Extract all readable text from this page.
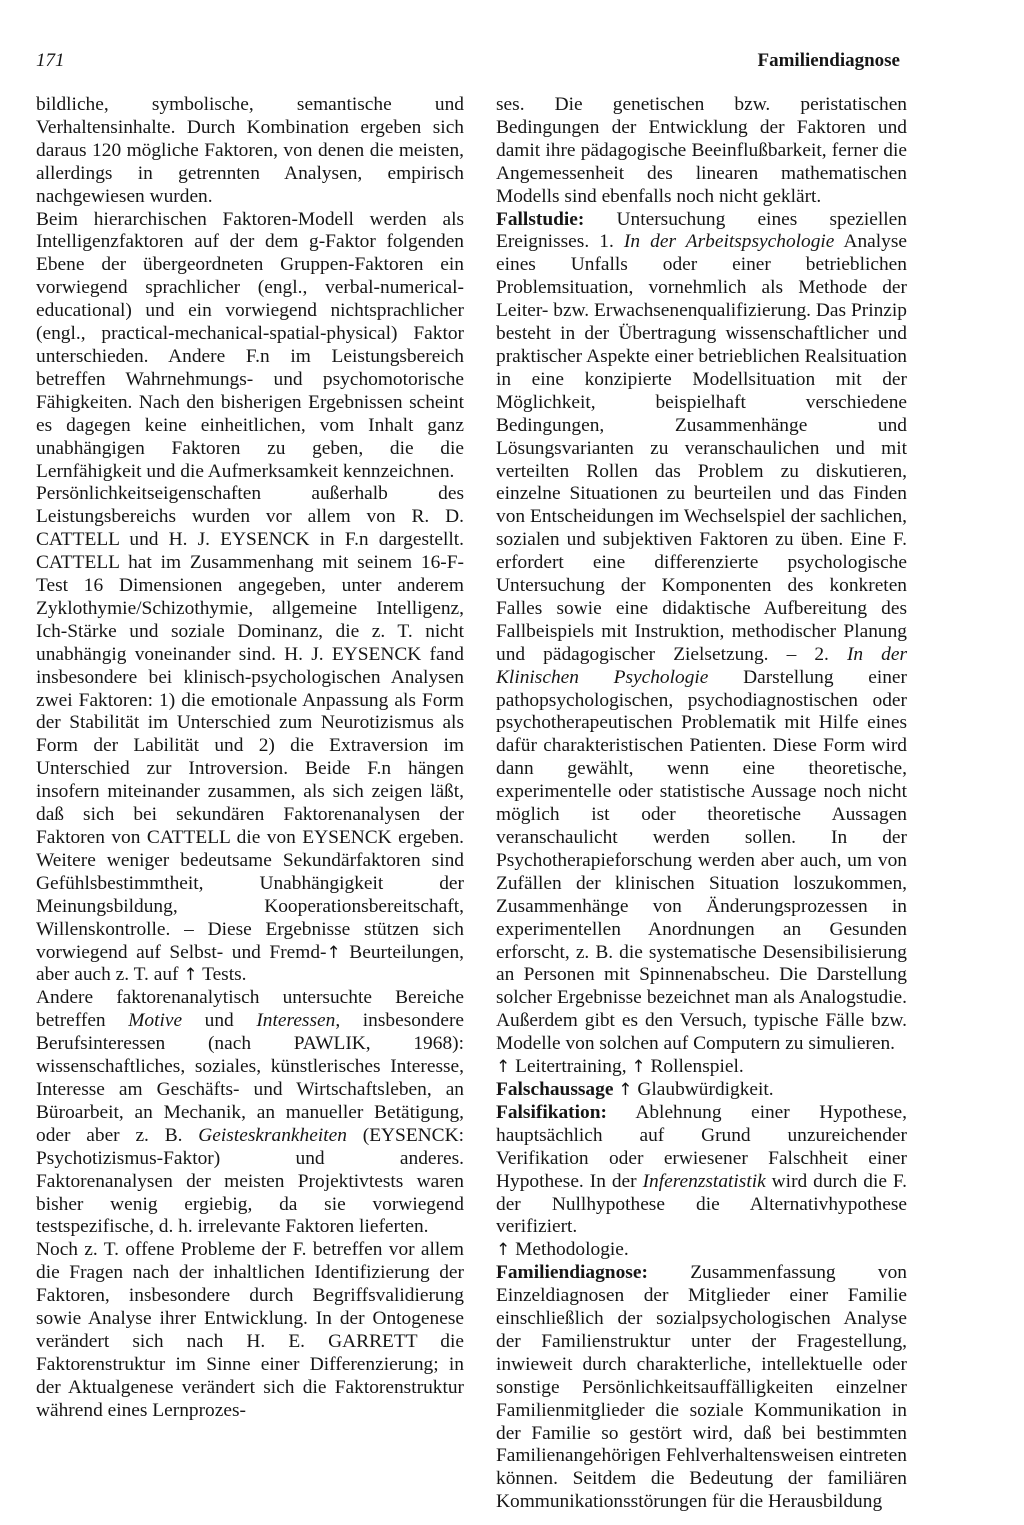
171	Familiendiagnose

bildliche, symbolische, semantische und Verhaltensinhalte. Durch Kombination ergeben sich daraus 120 mögliche Faktoren, von denen die meisten, allerdings in getrennten Analysen, empirisch nachgewiesen wurden.

Beim hierarchischen Faktoren-Modell werden als Intelligenzfaktoren auf der dem g-Faktor folgenden Ebene der übergeordneten Gruppen-Faktoren ein vorwiegend sprachlicher (engl., verbal-numerical-educational) und ein vorwiegend nichtsprachlicher (engl., practical-mechanical-spatial-physical) Faktor unterschieden. Andere F.n im Leistungsbereich betreffen Wahrnehmungs- und psychomotorische Fähigkeiten. Nach den bisherigen Ergebnissen scheint es dagegen keine einheitlichen, vom Inhalt ganz unabhängigen Faktoren zu geben, die die Lernfähigkeit und die Aufmerksamkeit kennzeichnen.

Persönlichkeitseigenschaften außerhalb des Leistungsbereichs wurden vor allem von R. D. CATTELL und H. J. EYSENCK in F.n dargestellt. CATTELL hat im Zusammenhang mit seinem 16-F-Test 16 Dimensionen angegeben, unter anderem Zyklothymie/Schizothymie, allgemeine Intelligenz, Ich-Stärke und soziale Dominanz, die z. T. nicht unabhängig voneinander sind. H. J. EYSENCK fand insbesondere bei klinisch-psychologischen Analysen zwei Faktoren: 1) die emotionale Anpassung als Form der Stabilität im Unterschied zum Neurotizismus als Form der Labilität und 2) die Extraversion im Unterschied zur Introversion. Beide F.n hängen insofern miteinander zusammen, als sich zeigen läßt, daß sich bei sekundären Faktorenanalysen der Faktoren von CATTELL die von EYSENCK ergeben. Weitere weniger bedeutsame Sekundärfaktoren sind Gefühlsbestimmtheit, Unabhängigkeit der Meinungsbildung, Kooperationsbereitschaft, Willenskontrolle. – Diese Ergebnisse stützen sich vorwiegend auf Selbst- und Fremd-↑ Beurteilungen, aber auch z. T. auf ↑ Tests.

Andere faktorenanalytisch untersuchte Bereiche betreffen Motive und Interessen, insbesondere Berufsinteressen (nach PAWLIK, 1968): wissenschaftliches, soziales, künstlerisches Interesse, Interesse am Geschäfts- und Wirtschaftsleben, an Büroarbeit, an Mechanik, an manueller Betätigung, oder aber z. B. Geisteskrankheiten (EYSENCK: Psychotizismus-Faktor) und anderes. Faktorenanalysen der meisten Projektivtests waren bisher wenig ergiebig, da sie vorwiegend testspezifische, d. h. irrelevante Faktoren lieferten.

Noch z. T. offene Probleme der F. betreffen vor allem die Fragen nach der inhaltlichen Identifizierung der Faktoren, insbesondere durch Begriffsvalidierung sowie Analyse ihrer Entwicklung. In der Ontogenese verändert sich nach H. E. GARRETT die Faktorenstruktur im Sinne einer Differenzierung; in der Aktualgenese verändert sich die Faktorenstruktur während eines Lernprozes-

ses. Die genetischen bzw. peristatischen Bedingungen der Entwicklung der Faktoren und damit ihre pädagogische Beeinflußbarkeit, ferner die Angemessenheit des linearen mathematischen Modells sind ebenfalls noch nicht geklärt.

Fallstudie: Untersuchung eines speziellen Ereignisses. 1. In der Arbeitspsychologie Analyse eines Unfalls oder einer betrieblichen Problemsituation, vornehmlich als Methode der Leiter- bzw. Erwachsenenqualifizierung. Das Prinzip besteht in der Übertragung wissenschaftlicher und praktischer Aspekte einer betrieblichen Realsituation in eine konzipierte Modellsituation mit der Möglichkeit, beispielhaft verschiedene Bedingungen, Zusammenhänge und Lösungsvarianten zu veranschaulichen und mit verteilten Rollen das Problem zu diskutieren, einzelne Situationen zu beurteilen und das Finden von Entscheidungen im Wechselspiel der sachlichen, sozialen und subjektiven Faktoren zu üben. Eine F. erfordert eine differenzierte psychologische Untersuchung der Komponenten des konkreten Falles sowie eine didaktische Aufbereitung des Fallbeispiels mit Instruktion, methodischer Planung und pädagogischer Zielsetzung. – 2. In der Klinischen Psychologie Darstellung einer pathopsychologischen, psychodiagnostischen oder psychotherapeutischen Problematik mit Hilfe eines dafür charakteristischen Patienten. Diese Form wird dann gewählt, wenn eine theoretische, experimentelle oder statistische Aussage noch nicht möglich ist oder theoretische Aussagen veranschaulicht werden sollen. In der Psychotherapieforschung werden aber auch, um von Zufällen der klinischen Situation loszukommen, Zusammenhänge von Änderungsprozessen in experimentellen Anordnungen an Gesunden erforscht, z. B. die systematische Desensibilisierung an Personen mit Spinnenabscheu. Die Darstellung solcher Ergebnisse bezeichnet man als Analogstudie. Außerdem gibt es den Versuch, typische Fälle bzw. Modelle von solchen auf Computern zu simulieren.

↑ Leitertraining, ↑ Rollenspiel.

Falschaussage ↑ Glaubwürdigkeit.

Falsifikation: Ablehnung einer Hypothese, hauptsächlich auf Grund unzureichender Verifikation oder erwiesener Falschheit einer Hypothese. In der Inferenzstatistik wird durch die F. der Nullhypothese die Alternativhypothese verifiziert.

↑ Methodologie.

Familiendiagnose: Zusammenfassung von Einzeldiagnosen der Mitglieder einer Familie einschließlich der sozialpsychologischen Analyse der Familienstruktur unter der Fragestellung, inwieweit durch charakterliche, intellektuelle oder sonstige Persönlichkeitsauffälligkeiten einzelner Familienmitglieder die soziale Kommunikation in der Familie so gestört wird, daß bei bestimmten Familienangehörigen Fehlverhaltensweisen eintreten können. Seitdem die Bedeutung der familiären Kommunikationsstörungen für die Herausbildung
